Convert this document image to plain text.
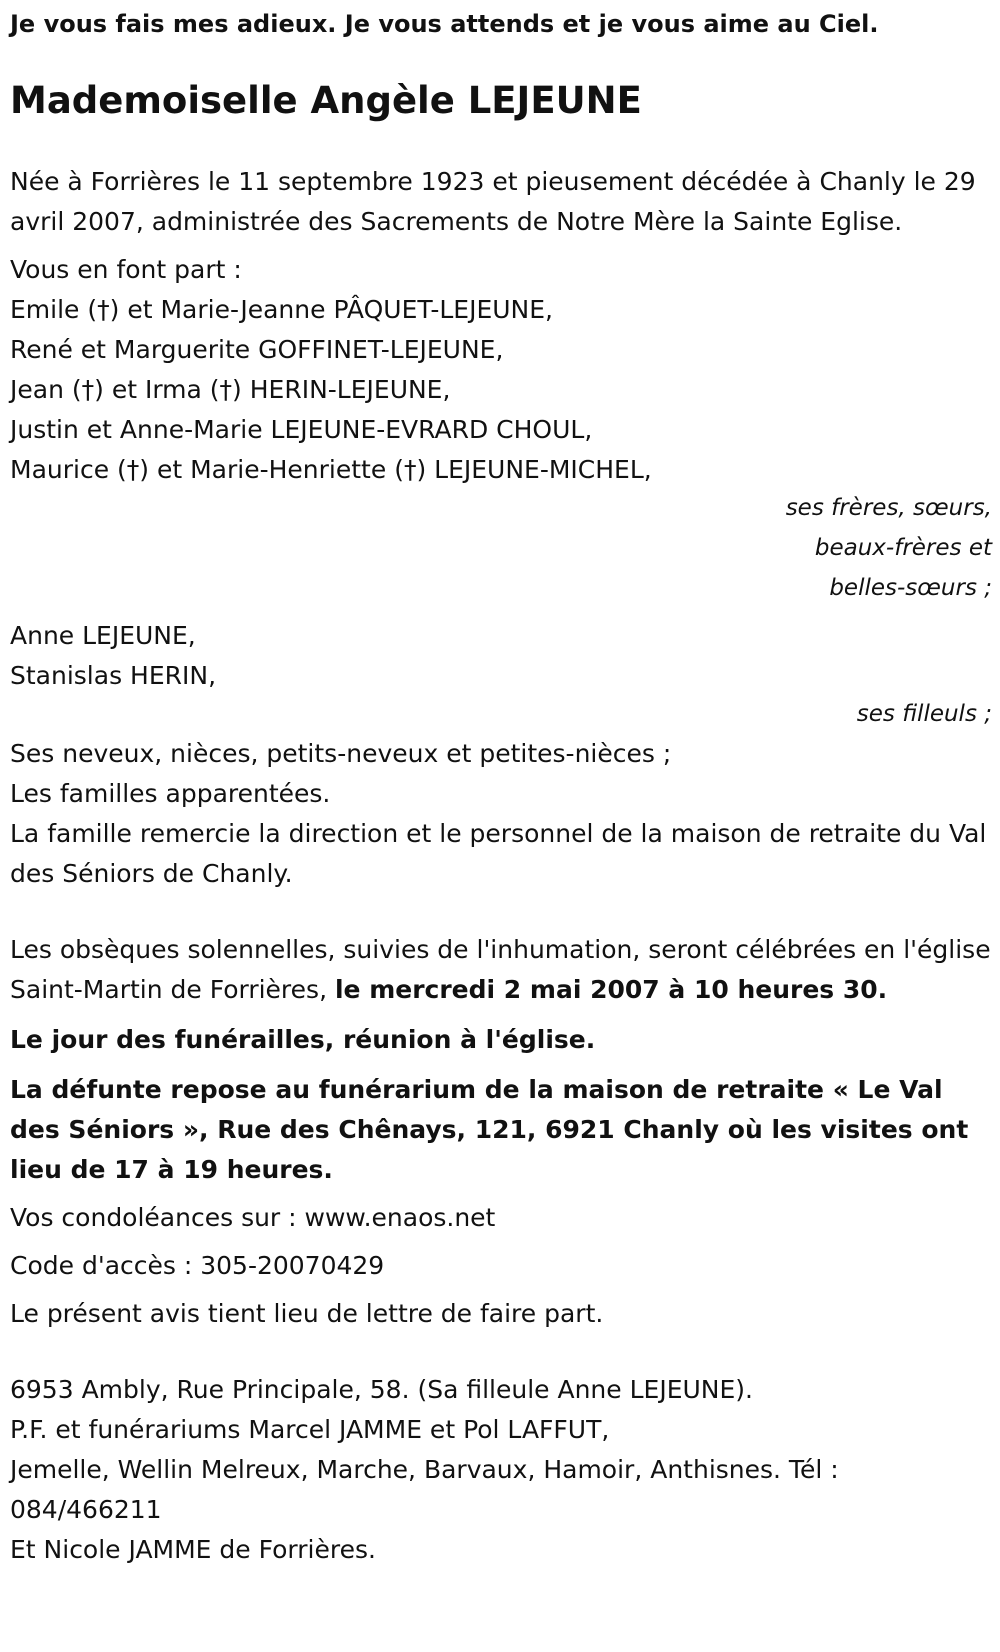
Je vous fais mes adieux. Je vous attends et je vous aime au Ciel.
Mademoiselle Angèle LEJEUNE

Née à Forrières le 11 septembre 1923 et pieusement décédée à Chanly le 29 avril 2007, administrée des Sacrements de Notre Mère la Sainte Eglise.

Vous en font part :
Emile (†) et Marie-Jeanne PÂQUET-LEJEUNE,
René et Marguerite GOFFINET-LEJEUNE,
Jean (†) et Irma (†) HERIN-LEJEUNE,
Justin et Anne-Marie LEJEUNE-EVRARD CHOUL,
Maurice (†) et Marie-Henriette (†) LEJEUNE-MICHEL,
ses frères, sœurs,
beaux-frères et
belles-sœurs ;
Anne LEJEUNE,
Stanislas HERIN,
ses filleuls ;
Ses neveux, nièces, petits-neveux et petites-nièces ;
Les familles apparentées.

La famille remercie la direction et le personnel de la maison de retraite du Val des Séniors de Chanly.

Les obsèques solennelles, suivies de l'inhumation, seront célébrées en l'église Saint-Martin de Forrières, le mercredi 2 mai 2007 à 10 heures 30.

Le jour des funérailles, réunion à l'église.

La défunte repose au funérarium de la maison de retraite « Le Val des Séniors », Rue des Chênays, 121, 6921 Chanly où les visites ont lieu de 17 à 19 heures.

Vos condoléances sur : www.enaos.net

Code d'accès : 305-20070429

Le présent avis tient lieu de lettre de faire part.

6953 Ambly, Rue Principale, 58. (Sa filleule Anne LEJEUNE).

P.F. et funérariums Marcel JAMME et Pol LAFFUT,

Jemelle, Wellin Melreux, Marche, Barvaux, Hamoir, Anthisnes. Tél : 084/466211

Et Nicole JAMME de Forrières.
